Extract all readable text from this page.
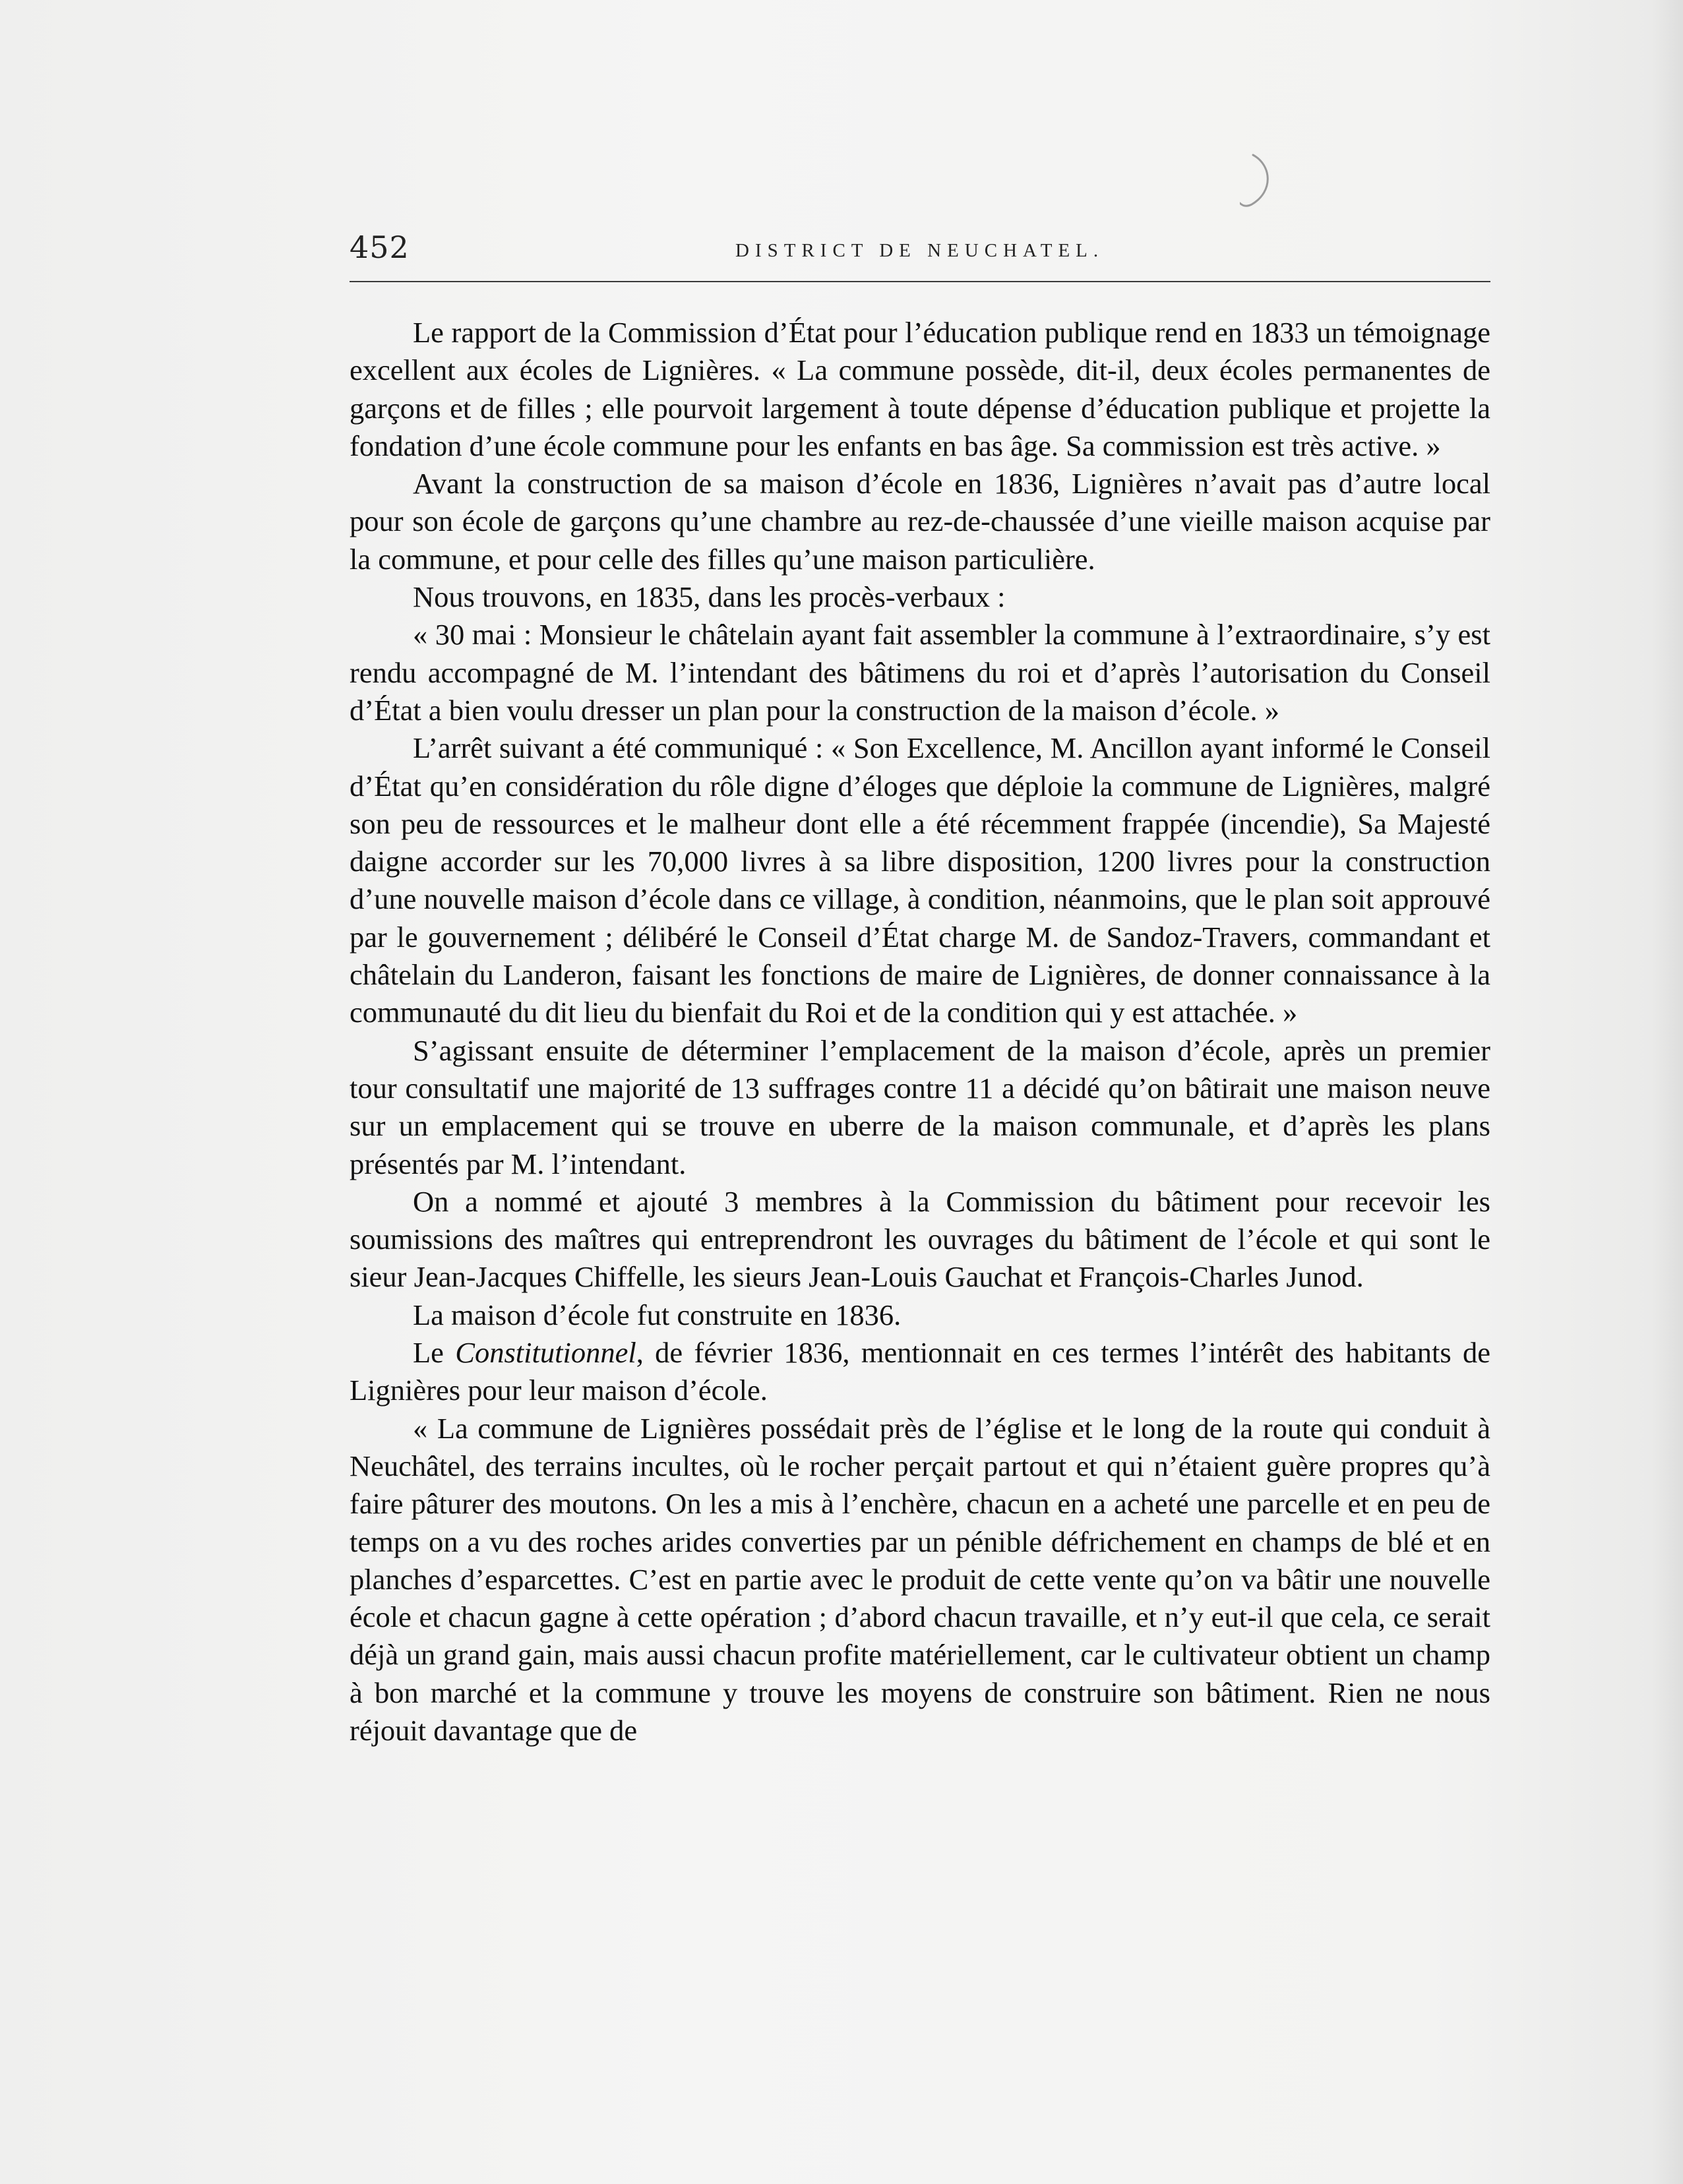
452	DISTRICT DE NEUCHATEL.

Le rapport de la Commission d’État pour l’éducation publique rend en 1833 un témoignage excellent aux écoles de Lignières. « La commune possède, dit-il, deux écoles permanentes de garçons et de filles ; elle pourvoit largement à toute dépense d’éducation publique et projette la fondation d’une école commune pour les enfants en bas âge. Sa commission est très active. »

Avant la construction de sa maison d’école en 1836, Lignières n’avait pas d’autre local pour son école de garçons qu’une chambre au rez-de-chaussée d’une vieille maison acquise par la commune, et pour celle des filles qu’une maison particulière.

Nous trouvons, en 1835, dans les procès-verbaux :

« 30 mai : Monsieur le châtelain ayant fait assembler la commune à l’extraordinaire, s’y est rendu accompagné de M. l’intendant des bâtimens du roi et d’après l’autorisation du Conseil d’État a bien voulu dresser un plan pour la construction de la maison d’école. »

L’arrêt suivant a été communiqué : « Son Excellence, M. Ancillon ayant informé le Conseil d’État qu’en considération du rôle digne d’éloges que déploie la commune de Lignières, malgré son peu de ressources et le malheur dont elle a été récemment frappée (incendie), Sa Majesté daigne accorder sur les 70,000 livres à sa libre disposition, 1200 livres pour la construction d’une nouvelle maison d’école dans ce village, à condition, néanmoins, que le plan soit approuvé par le gouvernement ; délibéré le Conseil d’État charge M. de Sandoz-Travers, commandant et châtelain du Landeron, faisant les fonctions de maire de Lignières, de donner connaissance à la communauté du dit lieu du bienfait du Roi et de la condition qui y est attachée. »

S’agissant ensuite de déterminer l’emplacement de la maison d’école, après un premier tour consultatif une majorité de 13 suffrages contre 11 a décidé qu’on bâtirait une maison neuve sur un emplacement qui se trouve en uberre de la maison communale, et d’après les plans présentés par M. l’intendant.

On a nommé et ajouté 3 membres à la Commission du bâtiment pour recevoir les soumissions des maîtres qui entreprendront les ouvrages du bâtiment de l’école et qui sont le sieur Jean-Jacques Chiffelle, les sieurs Jean-Louis Gauchat et François-Charles Junod.

La maison d’école fut construite en 1836.

Le Constitutionnel, de février 1836, mentionnait en ces termes l’intérêt des habitants de Lignières pour leur maison d’école.

« La commune de Lignières possédait près de l’église et le long de la route qui conduit à Neuchâtel, des terrains incultes, où le rocher perçait partout et qui n’étaient guère propres qu’à faire pâturer des moutons. On les a mis à l’enchère, chacun en a acheté une parcelle et en peu de temps on a vu des roches arides converties par un pénible défrichement en champs de blé et en planches d’esparcettes. C’est en partie avec le produit de cette vente qu’on va bâtir une nouvelle école et chacun gagne à cette opération ; d’abord chacun travaille, et n’y eut-il que cela, ce serait déjà un grand gain, mais aussi chacun profite matériellement, car le cultivateur obtient un champ à bon marché et la commune y trouve les moyens de construire son bâtiment. Rien ne nous réjouit davantage que de
